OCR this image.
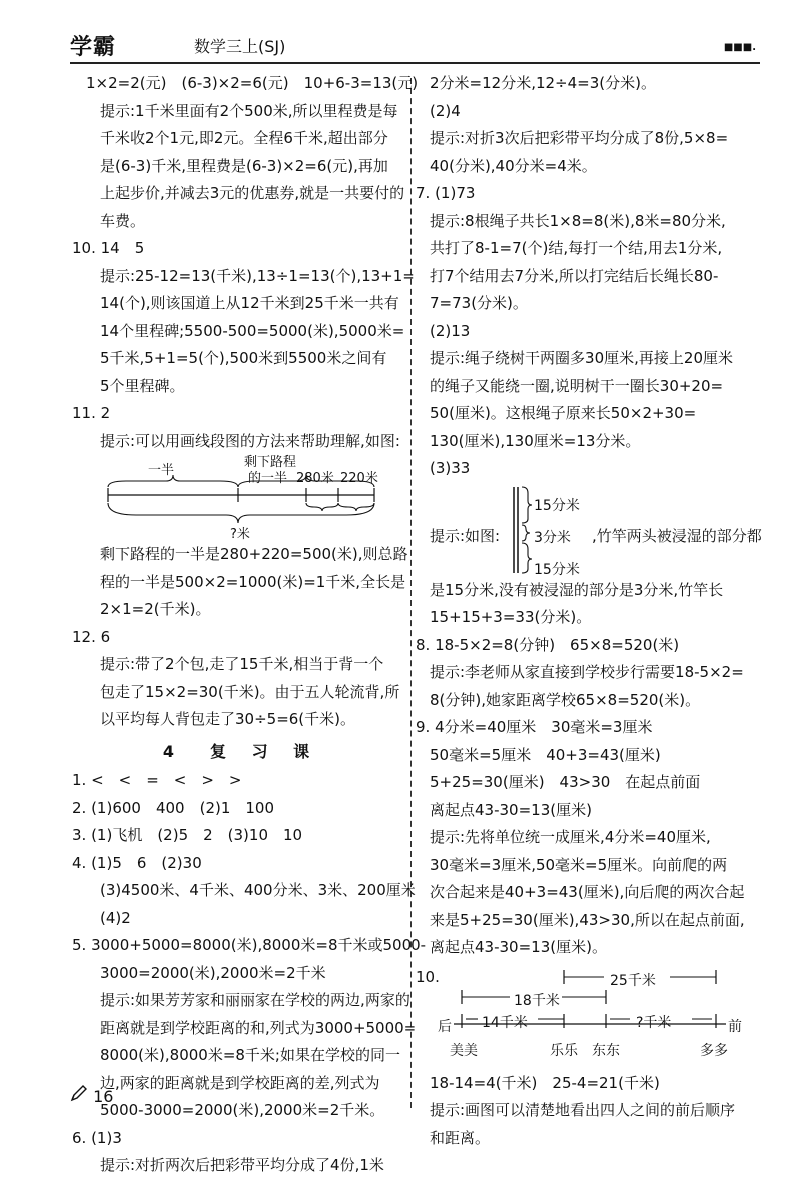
学霸	数学三上(SJ)	■■■.
1×2=2(元)　(6-3)×2=6(元)　10+6-3=13(元)
提示:1千米里面有2个500米,所以里程费是每
千米收2个1元,即2元。全程6千米,超出部分
是(6-3)千米,里程费是(6-3)×2=6(元),再加
上起步价,并减去3元的优惠券,就是一共要付的
车费。
10. 14　5
提示:25-12=13(千米),13÷1=13(个),13+1=
14(个),则该国道上从12千米到25千米一共有
14个里程碑;5500-500=5000(米),5000米=
5千米,5+1=5(个),500米到5500米之间有
5个里程碑。
11. 2
提示:可以用画线段图的方法来帮助理解,如图:
一半
剩下路程
的一半 280米 220米
?米
剩下路程的一半是280+220=500(米),则总路
程的一半是500×2=1000(米)=1千米,全长是
2×1=2(千米)。
12. 6
提示:带了2个包,走了15千米,相当于背一个
包走了15×2=30(千米)。由于五人轮流背,所
以平均每人背包走了30÷5=6(千米)。
4　复 习 课
1. <　<　=　<　>　>
2. (1)600　400　(2)1　100
3. (1)飞机　(2)5　2　(3)10　10
4. (1)5　6　(2)30
(3)4500米、4千米、400分米、3米、200厘米
(4)2
5. 3000+5000=8000(米),8000米=8千米或5000-
3000=2000(米),2000米=2千米
提示:如果芳芳家和丽丽家在学校的两边,两家的
距离就是到学校距离的和,列式为3000+5000=
8000(米),8000米=8千米;如果在学校的同一
边,两家的距离就是到学校距离的差,列式为
5000-3000=2000(米),2000米=2千米。
6. (1)3
提示:对折两次后把彩带平均分成了4份,1米
2分米=12分米,12÷4=3(分米)。
(2)4
提示:对折3次后把彩带平均分成了8份,5×8=
40(分米),40分米=4米。
7. (1)73
提示:8根绳子共长1×8=8(米),8米=80分米,
共打了8-1=7(个)结,每打一个结,用去1分米,
打7个结用去7分米,所以打完结后长绳长80-
7=73(分米)。
(2)13
提示:绳子绕树干两圈多30厘米,再接上20厘米
的绳子又能绕一圈,说明树干一圈长30+20=
50(厘米)。这根绳子原来长50×2+30=
130(厘米),130厘米=13分米。
(3)33
提示:如图:
15分米
3分米
15分米
,竹竿两头被浸湿的部分都
是15分米,没有被浸湿的部分是3分米,竹竿长
15+15+3=33(分米)。
8. 18-5×2=8(分钟)　65×8=520(米)
提示:李老师从家直接到学校步行需要18-5×2=
8(分钟),她家距离学校65×8=520(米)。
9. 4分米=40厘米　30毫米=3厘米
50毫米=5厘米　40+3=43(厘米)
5+25=30(厘米)　43>30　在起点前面
离起点43-30=13(厘米)
提示:先将单位统一成厘米,4分米=40厘米,
30毫米=3厘米,50毫米=5厘米。向前爬的两
次合起来是40+3=43(厘米),向后爬的两次合起
来是5+25=30(厘米),43>30,所以在起点前面,
离起点43-30=13(厘米)。
10.	25千米
18千米
14千米	?千米
后	前
美美	乐乐 东东	多多
18-14=4(千米)　25-4=21(千米)
提示:画图可以清楚地看出四人之间的前后顺序
和距离。
16
